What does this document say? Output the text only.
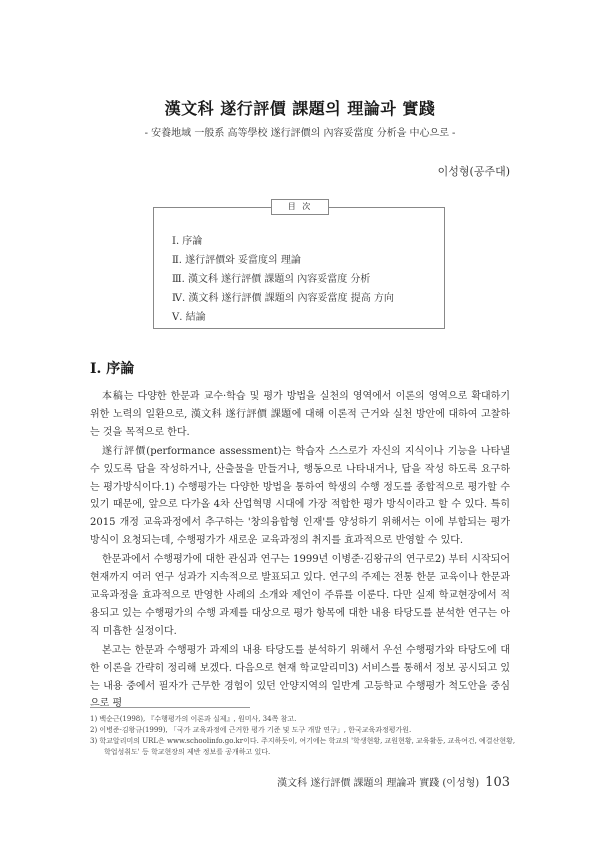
漢文科 遂行評價 課題의 理論과 實踐
- 安養地域 一般系 高等學校 遂行評價의 內容妥當度 分析을 中心으로 -
이성형(공주대)
目 次
Ⅰ. 序論
Ⅱ. 遂行評價와 妥當度의 理論
Ⅲ. 漢文科 遂行評價 課題의 內容妥當度 分析
Ⅳ. 漢文科 遂行評價 課題의 內容妥當度 提高 方向
Ⅴ. 結論
Ⅰ. 序論

本稿는 다양한 한문과 교수·학습 및 평가 방법을 실천의 영역에서 이론의 영역으로 확대하기 위한 노력의 일환으로, 漢文科 遂行評價 課題에 대해 이론적 근거와 실천 방안에 대하여 고찰하는 것을 목적으로 한다.

遂行評價(performance assessment)는 학습자 스스로가 자신의 지식이나 기능을 나타낼 수 있도록 답을 작성하거나, 산출물을 만들거나, 행동으로 나타내거나, 답을 작성 하도록 요구하는 평가방식이다.1) 수행평가는 다양한 방법을 통하여 학생의 수행 정도를 종합적으로 평가할 수 있기 때문에, 앞으로 다가올 4차 산업혁명 시대에 가장 적합한 평가 방식이라고 할 수 있다. 특히 2015 개정 교육과정에서 추구하는 '창의융합형 인재'를 양성하기 위해서는 이에 부합되는 평가방식이 요청되는데, 수행평가가 새로운 교육과정의 취지를 효과적으로 반영할 수 있다.

한문과에서 수행평가에 대한 관심과 연구는 1999년 이병준·김왕규의 연구로2) 부터 시작되어 현재까지 여러 연구 성과가 지속적으로 발표되고 있다. 연구의 주제는 전통 한문 교육이나 한문과 교육과정을 효과적으로 반영한 사례의 소개와 제언이 주류를 이룬다. 다만 실제 학교현장에서 적용되고 있는 수행평가의 수행 과제를 대상으로 평가 항목에 대한 내용 타당도를 분석한 연구는 아직 미흡한 실정이다.

본고는 한문과 수행평가 과제의 내용 타당도를 분석하기 위해서 우선 수행평가와 타당도에 대한 이론을 간략히 정리해 보겠다. 다음으로 현재 학교알리미3) 서비스를 통해서 정보 공시되고 있는 내용 중에서 필자가 근무한 경험이 있던 안양지역의 일반계 고등학교 수행평가 척도안을 중심으로 평

1) 백순근(1998), 『수행평가의 이론과 실제』, 원미사, 34쪽 참고.
2) 이병준·김왕규(1999), 「국가 교육과정에 근거한 평가 기준 및 도구 개발 연구」, 한국교육과정평가원.
3) 학교알리미의 URL은 www.schoolinfo.go.kr이다. 주지하듯이, 여기에는 학교의 '학생현황, 교원현황, 교육활동, 교육여건, 예결산현황, 학업성취도' 등 학교현장의 제반 정보를 공개하고 있다.
漢文科 遂行評價 課題의 理論과 實踐 (이성형) 103
